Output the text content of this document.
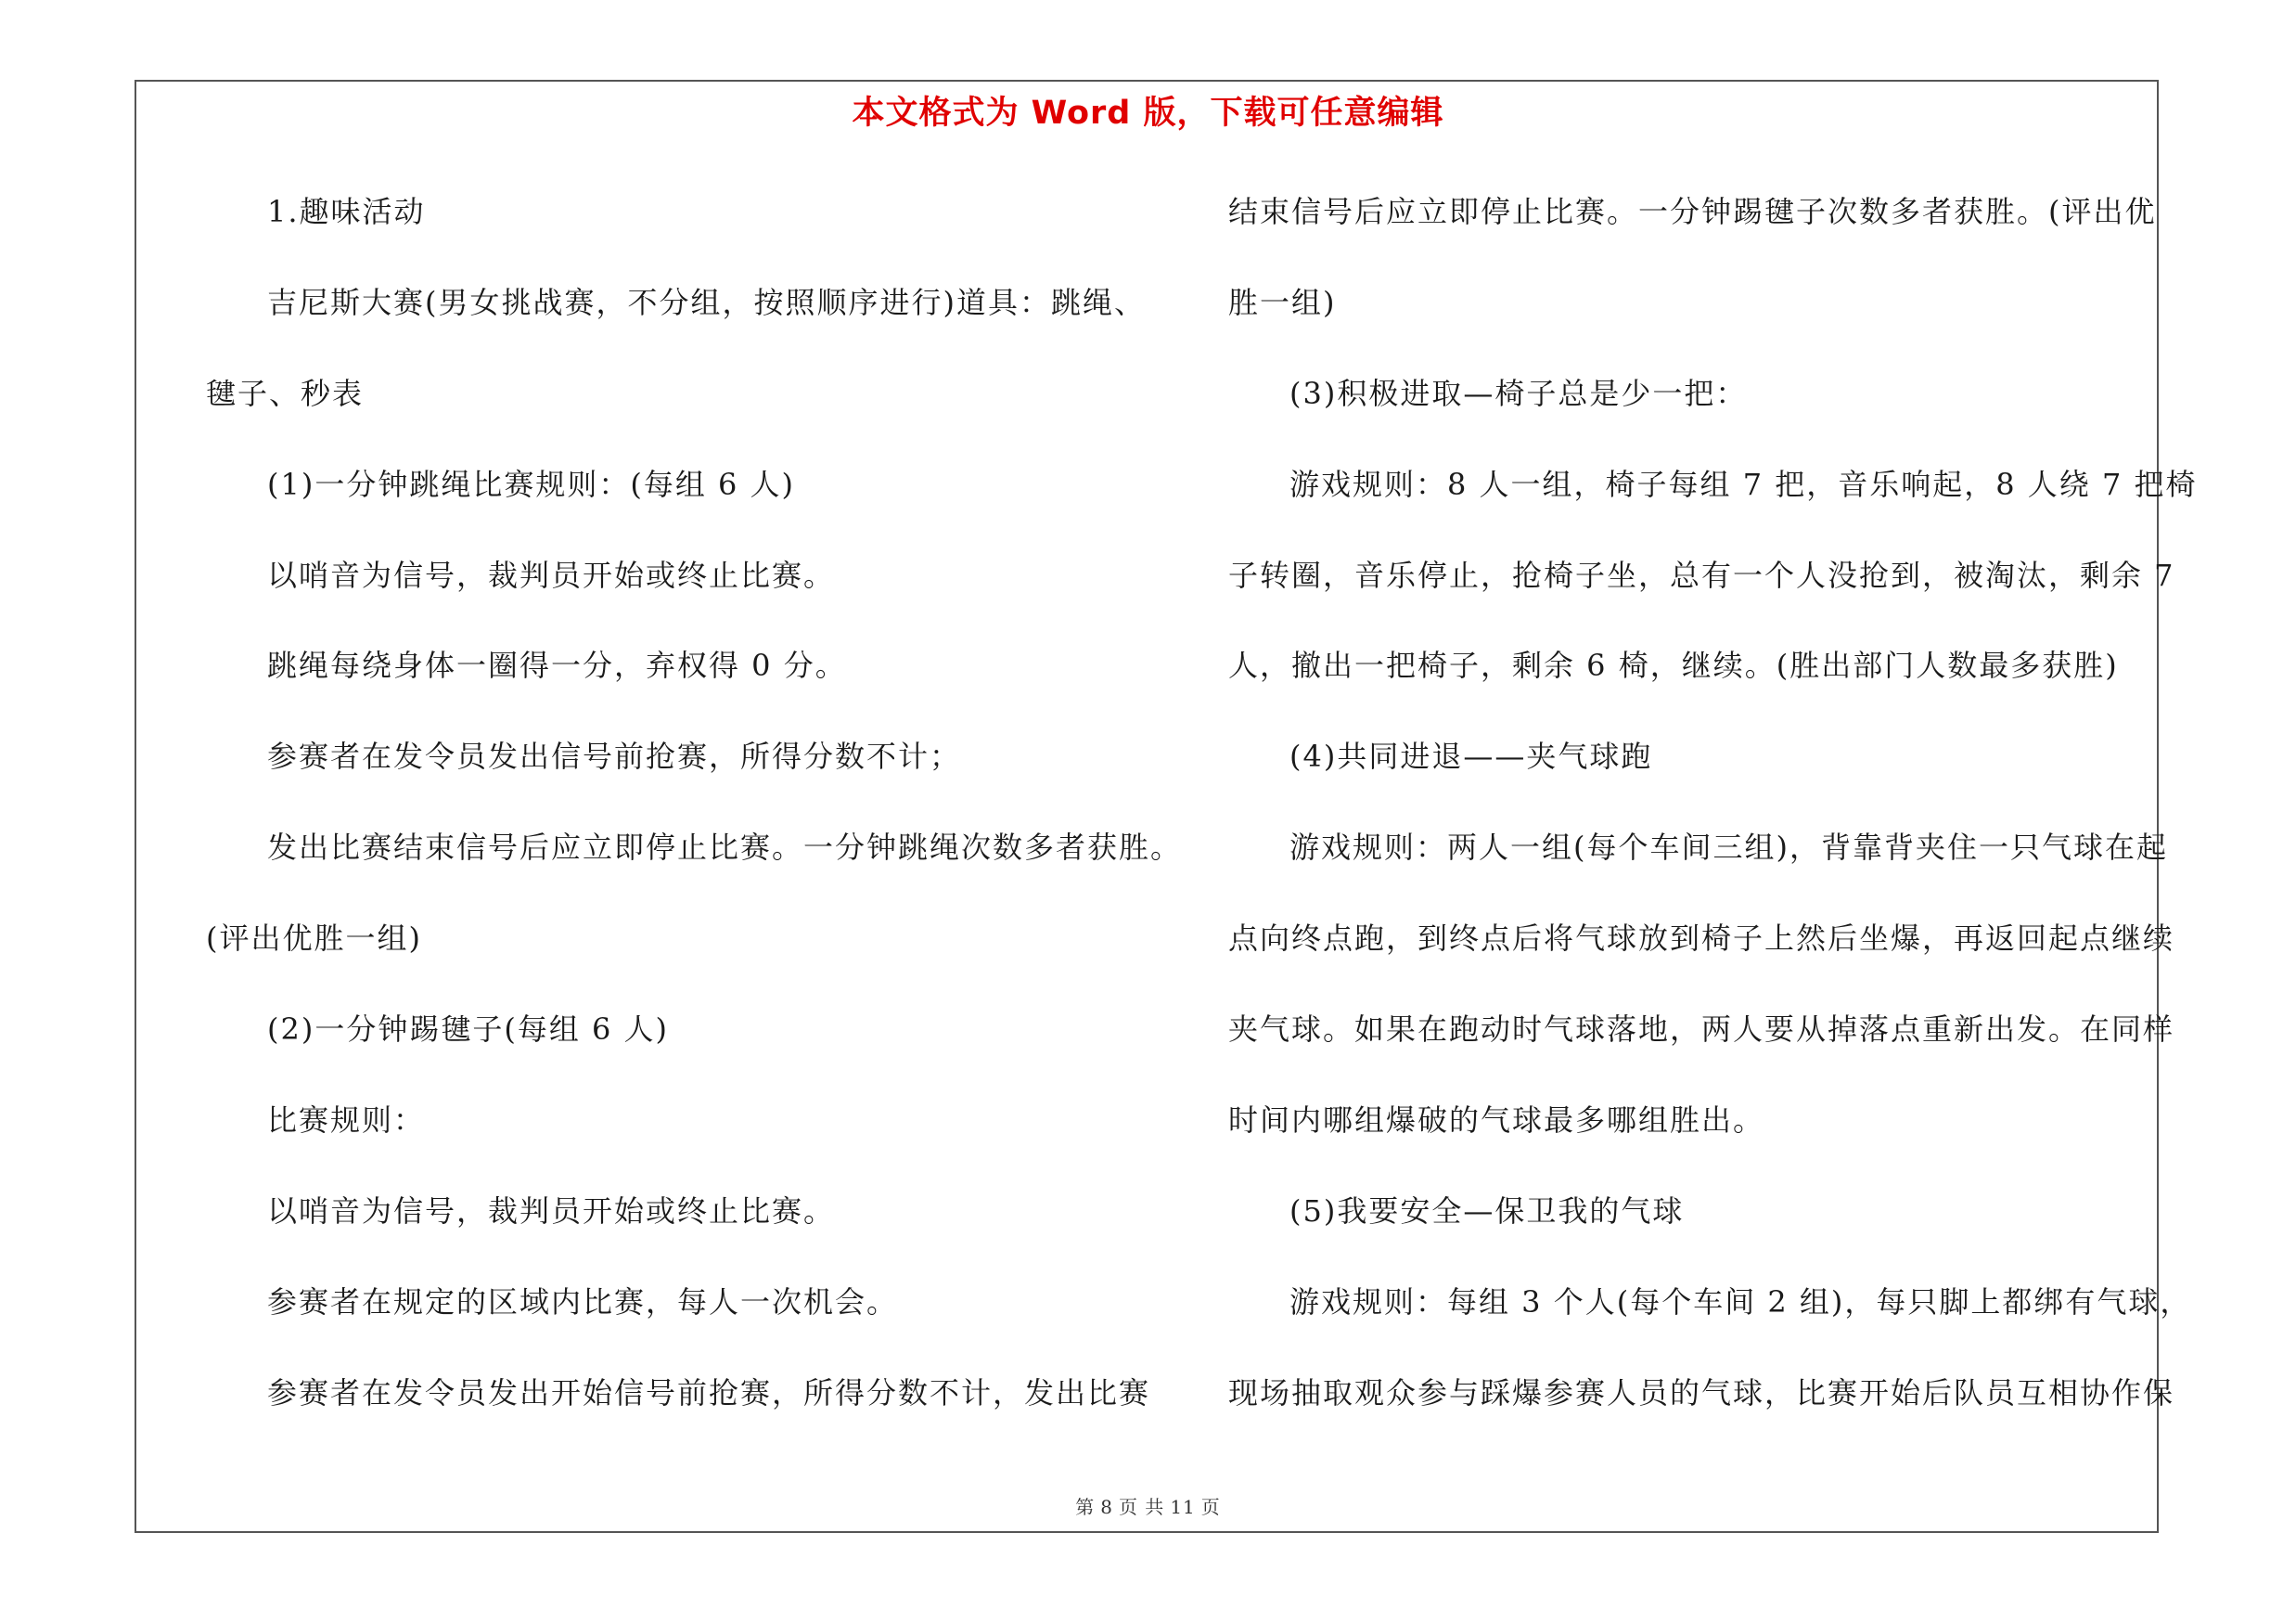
本文格式为 Word 版，下载可任意编辑
1.趣味活动
吉尼斯大赛(男女挑战赛，不分组，按照顺序进行)道具：跳绳、
毽子、秒表
(1)一分钟跳绳比赛规则：(每组 6 人)
以哨音为信号，裁判员开始或终止比赛。
跳绳每绕身体一圈得一分，弃权得 0 分。
参赛者在发令员发出信号前抢赛，所得分数不计；
发出比赛结束信号后应立即停止比赛。一分钟跳绳次数多者获胜。
(评出优胜一组)
(2)一分钟踢毽子(每组 6 人)
比赛规则：
以哨音为信号，裁判员开始或终止比赛。
参赛者在规定的区域内比赛，每人一次机会。
参赛者在发令员发出开始信号前抢赛，所得分数不计，发出比赛
结束信号后应立即停止比赛。一分钟踢毽子次数多者获胜。(评出优
胜一组)
(3)积极进取—椅子总是少一把：
游戏规则：8 人一组，椅子每组 7 把，音乐响起，8 人绕 7 把椅
子转圈，音乐停止，抢椅子坐，总有一个人没抢到，被淘汰，剩余 7
人，撤出一把椅子，剩余 6 椅，继续。(胜出部门人数最多获胜)
(4)共同进退——夹气球跑
游戏规则：两人一组(每个车间三组)，背靠背夹住一只气球在起
点向终点跑，到终点后将气球放到椅子上然后坐爆，再返回起点继续
夹气球。如果在跑动时气球落地，两人要从掉落点重新出发。在同样
时间内哪组爆破的气球最多哪组胜出。
(5)我要安全—保卫我的气球
游戏规则：每组 3 个人(每个车间 2 组)，每只脚上都绑有气球，
现场抽取观众参与踩爆参赛人员的气球，比赛开始后队员互相协作保
第 8 页 共 11 页
